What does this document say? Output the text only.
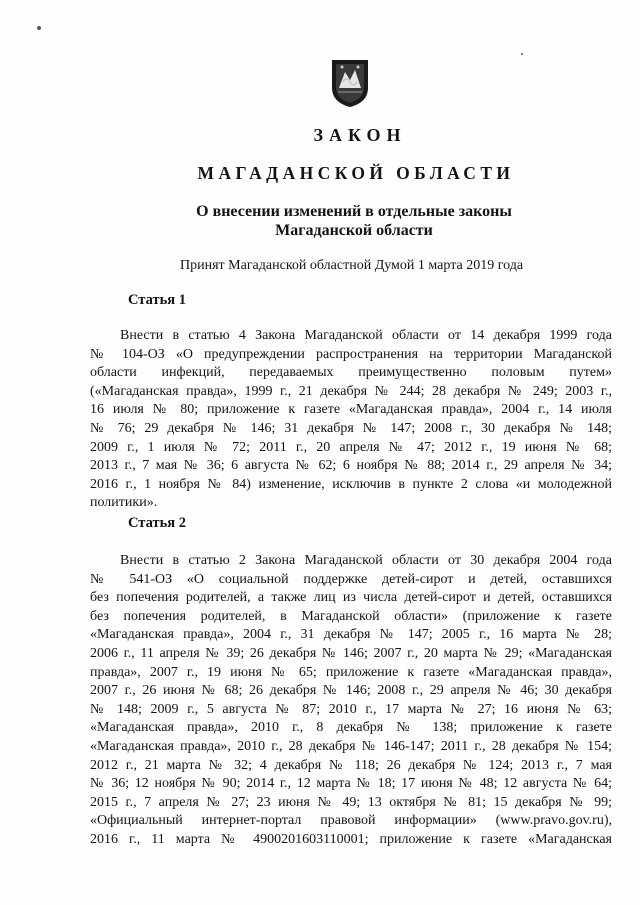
ЗАКОН
МАГАДАНСКОЙ ОБЛАСТИ
О внесении изменений в отдельные законы
Магаданской области
Принят Магаданской областной Думой 1 марта 2019 года
Статья 1
Внести в статью 4 Закона Магаданской области от 14 декабря 1999 года
№ 104-ОЗ «О предупреждении распространения на территории Магаданской
области инфекций, передаваемых преимущественно половым путем»
(«Магаданская правда», 1999 г., 21 декабря № 244; 28 декабря № 249; 2003 г.,
16 июля № 80; приложение к газете «Магаданская правда», 2004 г., 14 июля
№ 76; 29 декабря № 146; 31 декабря № 147; 2008 г., 30 декабря № 148;
2009 г., 1 июля № 72; 2011 г., 20 апреля № 47; 2012 г., 19 июня № 68;
2013 г., 7 мая № 36; 6 августа № 62; 6 ноября № 88; 2014 г., 29 апреля № 34;
2016 г., 1 ноября № 84) изменение, исключив в пункте 2 слова «и молодежной
политики».
Статья 2
Внести в статью 2 Закона Магаданской области от 30 декабря 2004 года
№ 541-ОЗ «О социальной поддержке детей-сирот и детей, оставшихся
без попечения родителей, а также лиц из числа детей-сирот и детей, оставшихся
без попечения родителей, в Магаданской области» (приложение к газете
«Магаданская правда», 2004 г., 31 декабря № 147; 2005 г., 16 марта № 28;
2006 г., 11 апреля № 39; 26 декабря № 146; 2007 г., 20 марта № 29; «Магаданская
правда», 2007 г., 19 июня № 65; приложение к газете «Магаданская правда»,
2007 г., 26 июня № 68; 26 декабря № 146; 2008 г., 29 апреля № 46; 30 декабря
№ 148; 2009 г., 5 августа № 87; 2010 г., 17 марта № 27; 16 июня № 63;
«Магаданская правда», 2010 г., 8 декабря № 138; приложение к газете
«Магаданская правда», 2010 г., 28 декабря № 146-147; 2011 г., 28 декабря № 154;
2012 г., 21 марта № 32; 4 декабря № 118; 26 декабря № 124; 2013 г., 7 мая
№ 36; 12 ноября № 90; 2014 г., 12 марта № 18; 17 июня № 48; 12 августа № 64;
2015 г., 7 апреля № 27; 23 июня № 49; 13 октября № 81; 15 декабря № 99;
«Официальный интернет-портал правовой информации» (www.pravo.gov.ru),
2016 г., 11 марта № 4900201603110001; приложение к газете «Магаданская
